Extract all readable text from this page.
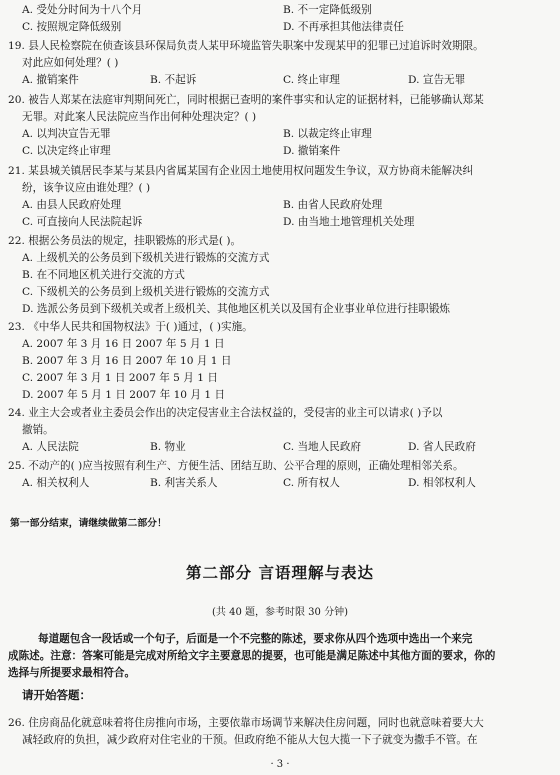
A. 受处分时间为十八个月	B. 不一定降低级别
C. 按照规定降低级别	D. 不再承担其他法律责任
19. 县人民检察院在侦查该县环保局负责人某甲环境监管失职案中发现某甲的犯罪已过追诉时效期限。
对此应如何处理？( )
A. 撤销案件	B. 不起诉	C. 终止审理	D. 宣告无罪
20. 被告人郑某在法庭审判期间死亡，同时根据已查明的案件事实和认定的证据材料，已能够确认郑某
无罪。对此案人民法院应当作出何种处理决定？( )
A. 以判决宣告无罪	B. 以裁定终止审理
C. 以决定终止审理	D. 撤销案件
21. 某县城关镇居民李某与某县内省属某国有企业因土地使用权问题发生争议，双方协商未能解决纠
纷，该争议应由谁处理？( )
A. 由县人民政府处理	B. 由省人民政府处理
C. 可直接向人民法院起诉	D. 由当地土地管理机关处理
22. 根据公务员法的规定，挂职锻炼的形式是( )。
A. 上级机关的公务员到下级机关进行锻炼的交流方式
B. 在不同地区机关进行交流的方式
C. 下级机关的公务员到上级机关进行锻炼的交流方式
D. 选派公务员到下级机关或者上级机关、其他地区机关以及国有企业事业单位进行挂职锻炼
23. 《中华人民共和国物权法》于( )通过，( )实施。
A. 2007 年 3 月 16 日 2007 年 5 月 1 日
B. 2007 年 3 月 16 日 2007 年 10 月 1 日
C. 2007 年 3 月 1 日 2007 年 5 月 1 日
D. 2007 年 5 月 1 日 2007 年 10 月 1 日
24. 业主大会或者业主委员会作出的决定侵害业主合法权益的，受侵害的业主可以请求( )予以
撤销。
A. 人民法院	B. 物业	C. 当地人民政府	D. 省人民政府
25. 不动产的( )应当按照有利生产、方便生活、团结互助、公平合理的原则，正确处理相邻关系。
A. 相关权利人	B. 利害关系人	C. 所有权人	D. 相邻权利人
第一部分结束，请继续做第二部分！
第二部分 言语理解与表达
(共 40 题，参考时限 30 分钟)
每道题包含一段话或一个句子，后面是一个不完整的陈述，要求你从四个选项中选出一个来完
成陈述。注意：答案可能是完成对所给文字主要意思的提要，也可能是满足陈述中其他方面的要求，你的
选择与所提要求最相符合。
请开始答题：
26. 住房商品化就意味着将住房推向市场，主要依靠市场调节来解决住房问题，同时也就意味着要大大
减轻政府的负担，减少政府对住宅业的干预。但政府绝不能从大包大揽一下子就变为撒手不管。在
· 3 ·
